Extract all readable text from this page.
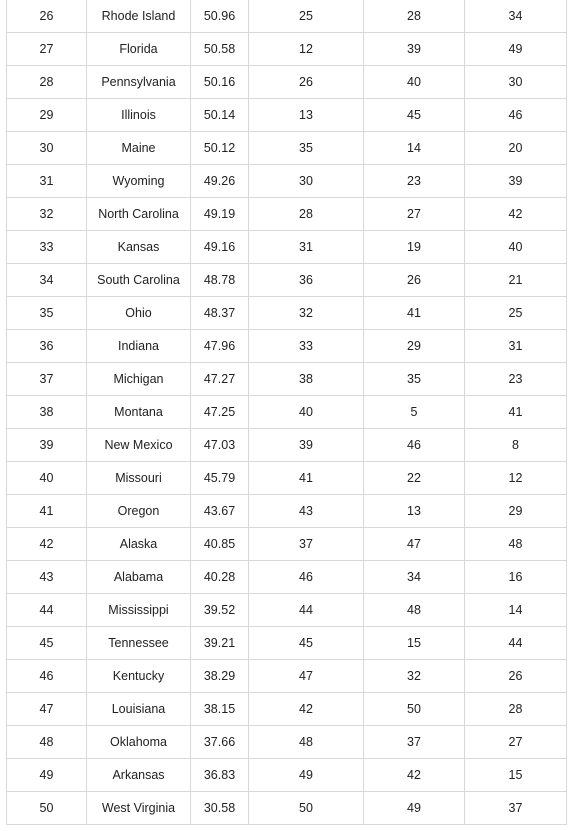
26	Rhode Island	50.96	25	28	34
27	Florida	50.58	12	39	49
28	Pennsylvania	50.16	26	40	30
29	Illinois	50.14	13	45	46
30	Maine	50.12	35	14	20
31	Wyoming	49.26	30	23	39
32	North Carolina	49.19	28	27	42
33	Kansas	49.16	31	19	40
34	South Carolina	48.78	36	26	21
35	Ohio	48.37	32	41	25
36	Indiana	47.96	33	29	31
37	Michigan	47.27	38	35	23
38	Montana	47.25	40	5	41
39	New Mexico	47.03	39	46	8
40	Missouri	45.79	41	22	12
41	Oregon	43.67	43	13	29
42	Alaska	40.85	37	47	48
43	Alabama	40.28	46	34	16
44	Mississippi	39.52	44	48	14
45	Tennessee	39.21	45	15	44
46	Kentucky	38.29	47	32	26
47	Louisiana	38.15	42	50	28
48	Oklahoma	37.66	48	37	27
49	Arkansas	36.83	49	42	15
50	West Virginia	30.58	50	49	37
